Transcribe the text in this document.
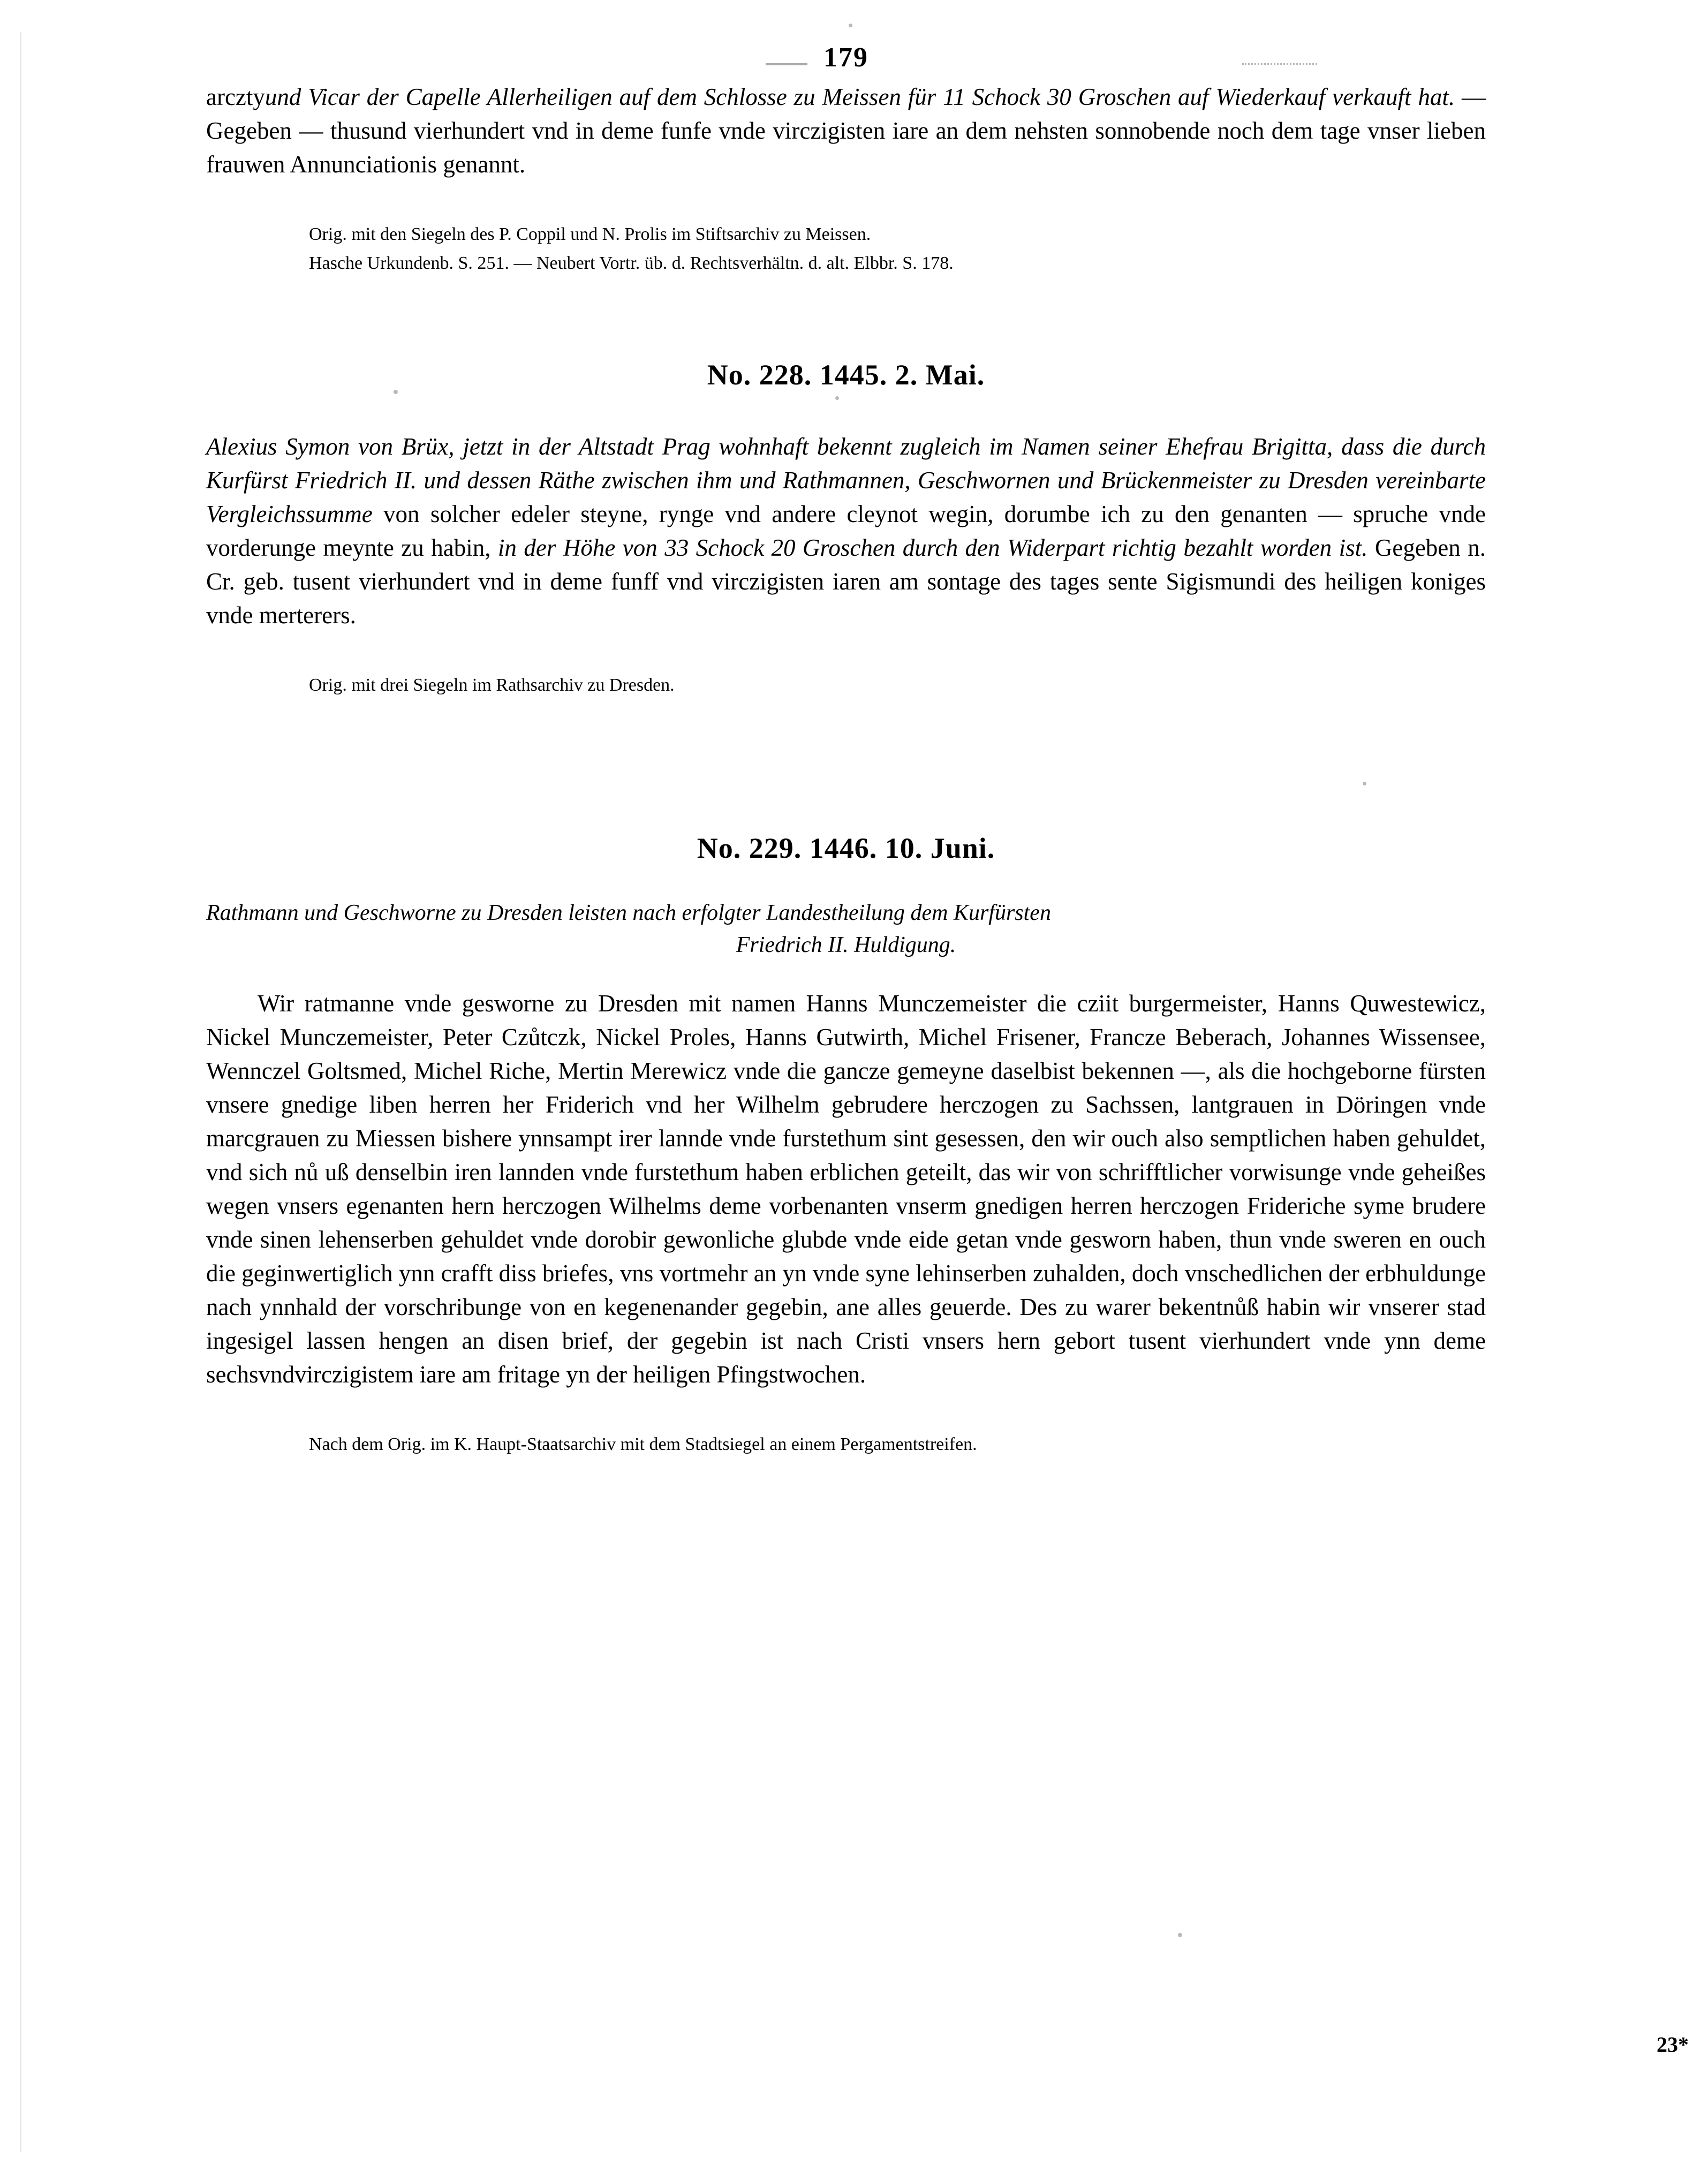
179

arcztyund Vicar der Capelle Allerheiligen auf dem Schlosse zu Meissen für 11 Schock 30 Groschen auf Wiederkauf verkauft hat. — Gegeben — thusund vierhundert vnd in deme funfe vnde virczigisten iare an dem nehsten sonnobende noch dem tage vnser lieben frauwen Annunciationis genannt.

Orig. mit den Siegeln des P. Coppil und N. Prolis im Stiftsarchiv zu Meissen.

Hasche Urkundenb. S. 251. — Neubert Vortr. üb. d. Rechtsverhältn. d. alt. Elbbr. S. 178.

No. 228. 1445. 2. Mai.

Alexius Symon von Brüx, jetzt in der Altstadt Prag wohnhaft bekennt zugleich im Namen seiner Ehefrau Brigitta, dass die durch Kurfürst Friedrich II. und dessen Räthe zwischen ihm und Rathmannen, Geschwornen und Brückenmeister zu Dresden vereinbarte Vergleichssumme von solcher edeler steyne, rynge vnd andere cleynot wegin, dorumbe ich zu den genanten — spruche vnde vorderunge meynte zu habin, in der Höhe von 33 Schock 20 Groschen durch den Widerpart richtig bezahlt worden ist. Gegeben n. Cr. geb. tusent vierhundert vnd in deme funff vnd virczigisten iaren am sontage des tages sente Sigismundi des heiligen koniges vnde merterers.

Orig. mit drei Siegeln im Rathsarchiv zu Dresden.

No. 229. 1446. 10. Juni.

Rathmann und Geschworne zu Dresden leisten nach erfolgter Landestheilung dem Kurfürsten
Friedrich II. Huldigung.

Wir ratmanne vnde gesworne zu Dresden mit namen Hanns Munczemeister die cziit burgermeister, Hanns Quwestewicz, Nickel Munczemeister, Peter Czůtczk, Nickel Proles, Hanns Gutwirth, Michel Frisener, Francze Beberach, Johannes Wissensee, Wennczel Goltsmed, Michel Riche, Mertin Merewicz vnde die gancze gemeyne daselbist bekennen —, als die hochgeborne fürsten vnsere gnedige liben herren her Friderich vnd her Wilhelm gebrudere herczogen zu Sachssen, lantgrauen in Döringen vnde marcgrauen zu Miessen bishere ynnsampt irer lannde vnde furstethum sint gesessen, den wir ouch also semptlichen haben gehuldet, vnd sich nů uß denselbin iren lannden vnde furstethum haben erblichen geteilt, das wir von schrifftlicher vorwisunge vnde geheißes wegen vnsers egenanten hern herczogen Wilhelms deme vorbenanten vnserm gnedigen herren herczogen Friderichе syme brudere vnde sinen lehenserben gehuldet vnde dorobir gewonliche glubde vnde eide getan vnde gesworn haben, thun vnde sweren en ouch die geginwertiglich ynn crafft diss briefes, vns vortmehr an yn vnde syne lehinserben zuhalden, doch vnschedlichen der erbhuldunge nach ynnhald der vorschribunge von en kegenenander gegebin, ane alles geuerde. Des zu warer bekentnůß habin wir vnserer stad ingesigel lassen hengen an disen brief, der gegebin ist nach Cristi vnsers hern gebort tusent vierhundert vnde ynn deme sechsvndvirczigistem iare am fritage yn der heiligen Pfingstwochen.

Nach dem Orig. im K. Haupt-Staatsarchiv mit dem Stadtsiegel an einem Pergamentstreifen.

23*
